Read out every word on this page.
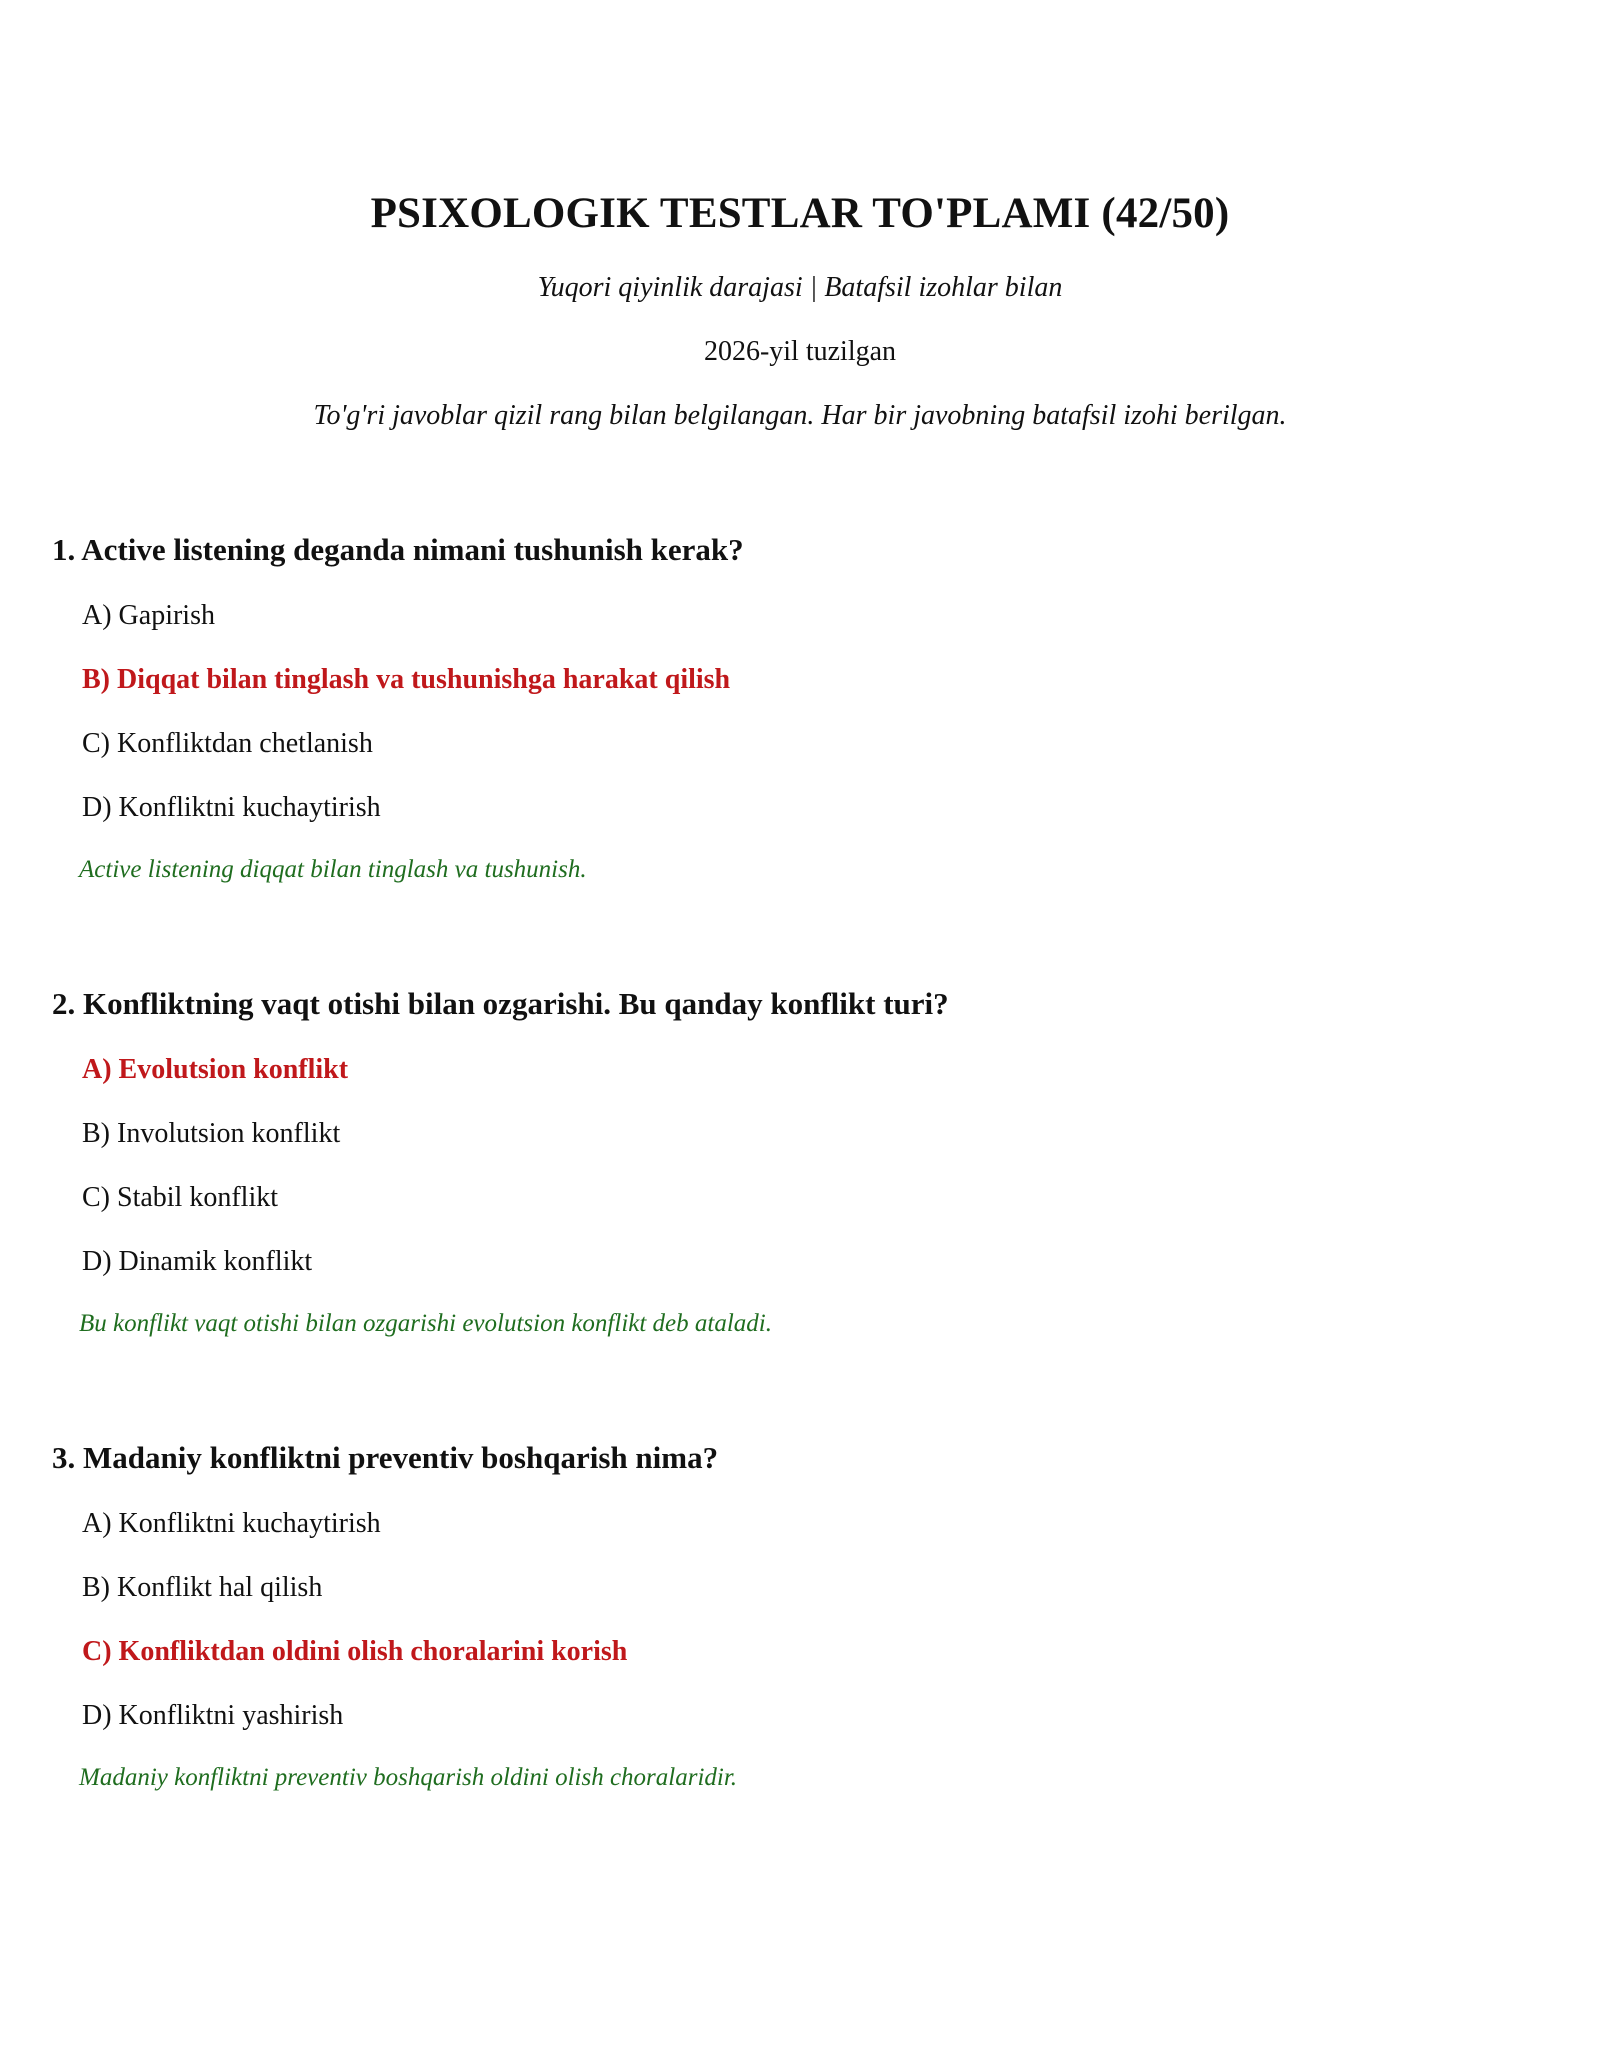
PSIXOLOGIK TESTLAR TO'PLAMI (42/50)
Yuqori qiyinlik darajasi | Batafsil izohlar bilan
2026-yil tuzilgan
To'g'ri javoblar qizil rang bilan belgilangan. Har bir javobning batafsil izohi berilgan.
1. Active listening deganda nimani tushunish kerak?
A) Gapirish
B) Diqqat bilan tinglash va tushunishga harakat qilish
C) Konfliktdan chetlanish
D) Konfliktni kuchaytirish
Active listening diqqat bilan tinglash va tushunish.
2. Konfliktning vaqt otishi bilan ozgarishi. Bu qanday konflikt turi?
A) Evolutsion konflikt
B) Involutsion konflikt
C) Stabil konflikt
D) Dinamik konflikt
Bu konflikt vaqt otishi bilan ozgarishi evolutsion konflikt deb ataladi.
3. Madaniy konfliktni preventiv boshqarish nima?
A) Konfliktni kuchaytirish
B) Konflikt hal qilish
C) Konfliktdan oldini olish choralarini korish
D) Konfliktni yashirish
Madaniy konfliktni preventiv boshqarish oldini olish choralaridir.
